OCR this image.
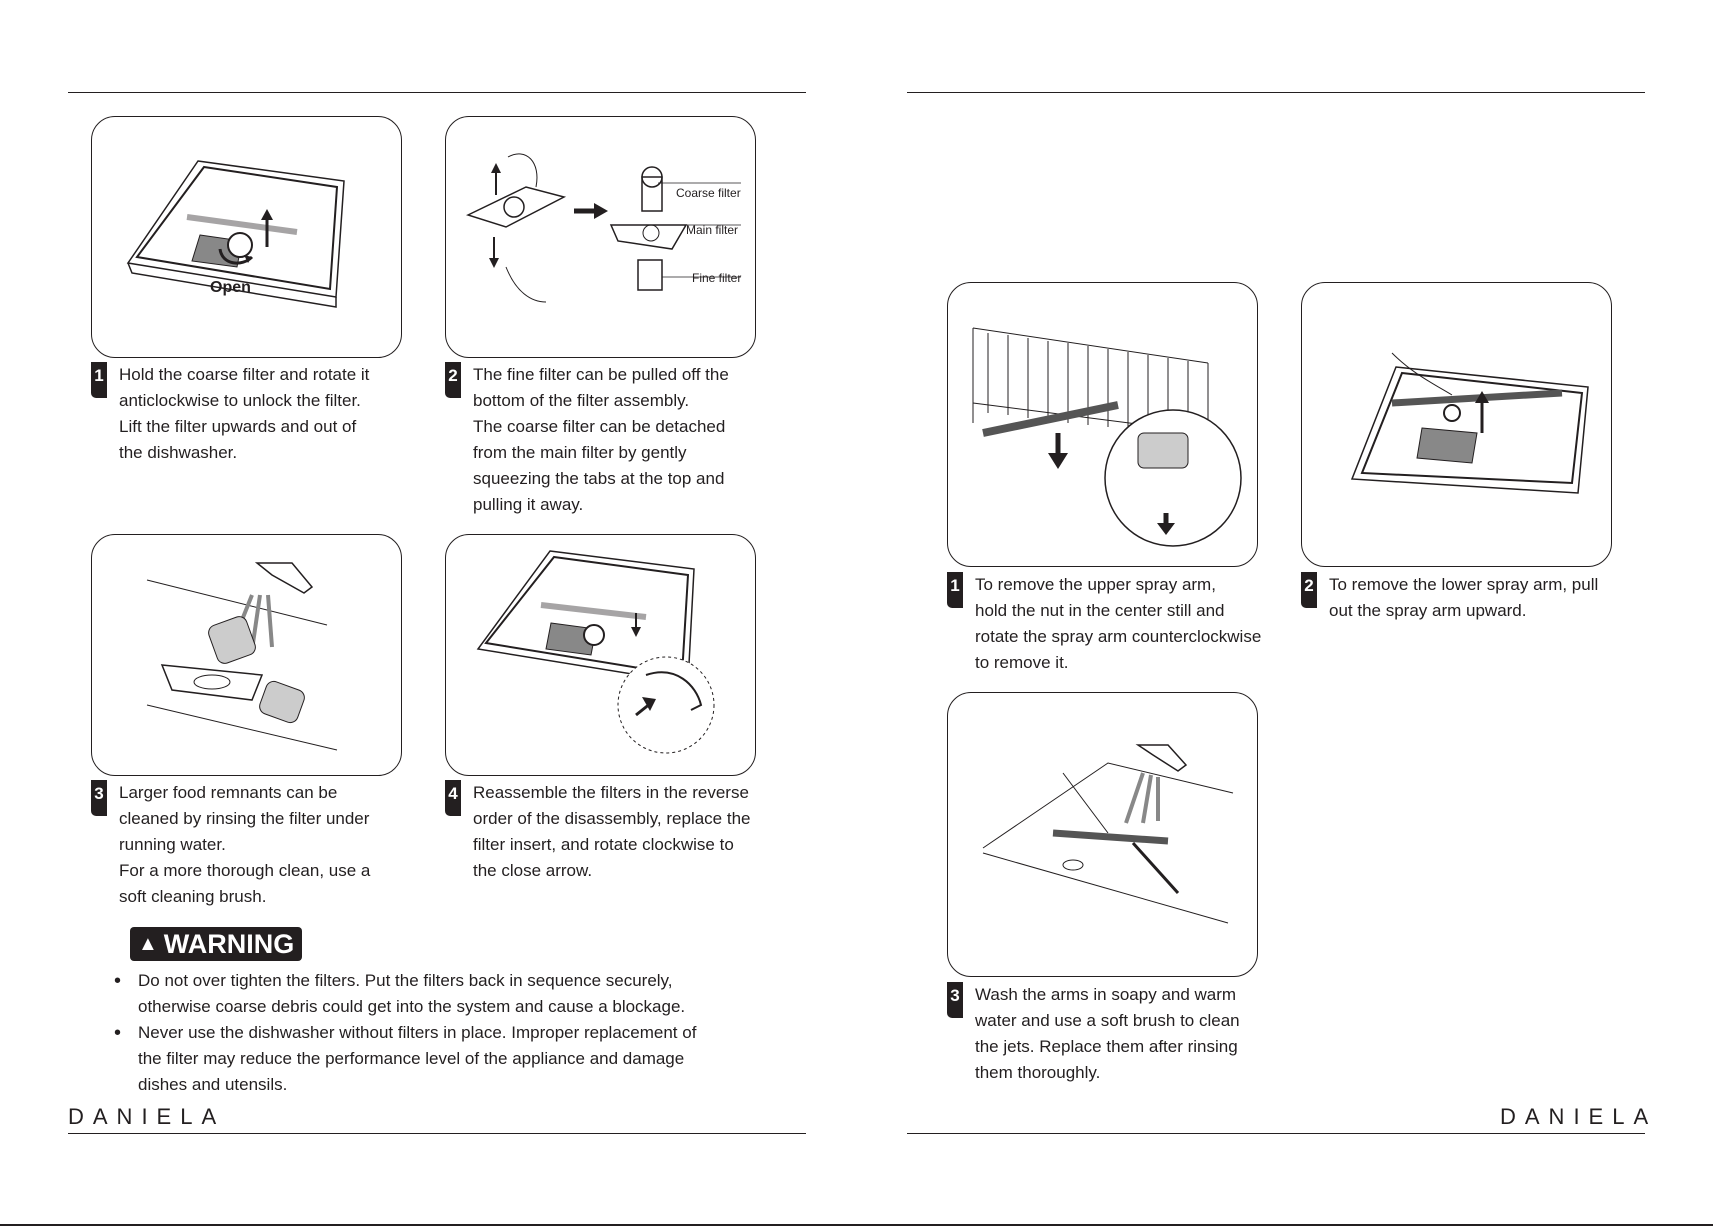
Open
Coarse filter
Main filter
Fine filter
1 Hold the coarse filter and rotate it
anticlockwise to unlock the filter.
Lift the filter upwards and out of
the dishwasher.
2 The fine filter can be pulled off the
bottom of the filter assembly.
The coarse filter can be detached
from the main filter by gently
squeezing the tabs at the top and
pulling it away.
3 Larger food remnants can be
cleaned by rinsing the filter under
running water.
For a more thorough clean, use a
soft cleaning brush.
4 Reassemble the filters in the reverse
order of the disassembly, replace the
filter insert, and rotate clockwise to
the close arrow.
▲ WARNING
• Do not over tighten the filters. Put the filters back in sequence securely,
otherwise coarse debris could get into the system and cause a blockage.
• Never use the dishwasher without filters in place. Improper replacement of
the filter may reduce the performance level of the appliance and damage
dishes and utensils.
DANIELA
1 To remove the upper spray arm,
hold the nut in the center still and
rotate the spray arm counterclockwise
to remove it.
2 To remove the lower spray arm, pull
out the spray arm upward.
3 Wash the arms in soapy and warm
water and use a soft brush to clean
the jets. Replace them after rinsing
them thoroughly.
DANIELA
